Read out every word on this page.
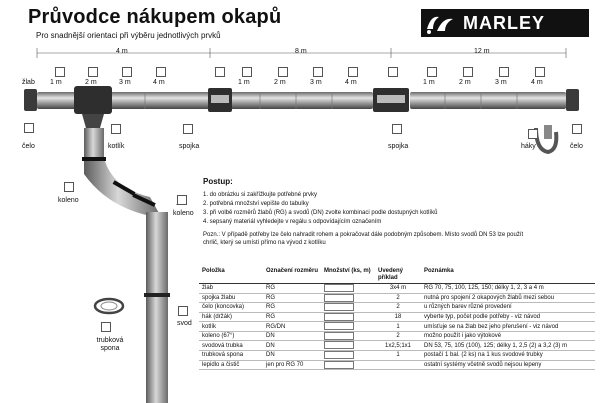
Průvodce nákupem okapů
Pro snadnější orientaci při výběru jednotlivých prvků
MARLEY
4 m	8 m	12 m
1 m	2 m	3 m	4 m	1 m	2 m	3 m	4 m	1 m	2 m	3 m	4 m
žlab
čelo	kotlík	spojka	spojka	háky	čelo
koleno
koleno
svod
trubková spona
Postup:
1. do obrázku si zakřížkujte potřebné prvky
2. potřebná množství vepište do tabulky
3. při volbě rozměrů žlabů (RG) a svodů (DN) zvolte kombinaci podle dostupných kotlíků
4. sepsaný materiál vyhledejte v regálu s odpovídajícím označením
Pozn.: V případě potřeby lze čelo nahradit rohem a pokračovat dále podobným způsobem. Místo svodů DN 53 lze použít
chrlič, který se umístí přímo na vývod z kotlíku
Položka	Označení rozměru	Množství (ks, m)	Uvedený příklad	Poznámka
žlab	RG		3x4 m	RG 70, 75, 100, 125, 150; délky 1, 2, 3 a 4 m
spojka žlabu	RG		2	nutná pro spojení 2 okapových žlabů mezi sebou
čelo (koncovka)	RG		2	u různých barev různé provedení
hák (držák)	RG		18	vyberte typ, počet podle potřeby - viz návod
kotlík	RG/DN		1	umísťuje se na žlab bez jeho přerušení - viz návod
koleno (67°)	DN		2	možno použít i jako výtokové
svodová trubka	DN		1x2,5;1x1	DN 53, 75, 105 (100), 125; délky 1, 2,5 (2) a 3,2 (3) m
trubková spona	DN		1	postačí 1 bal. (2 ks) na 1 kus svodové trubky
lepidlo a čistič	jen pro RG 70			ostatní systémy včetně svodů nejsou lepeny
